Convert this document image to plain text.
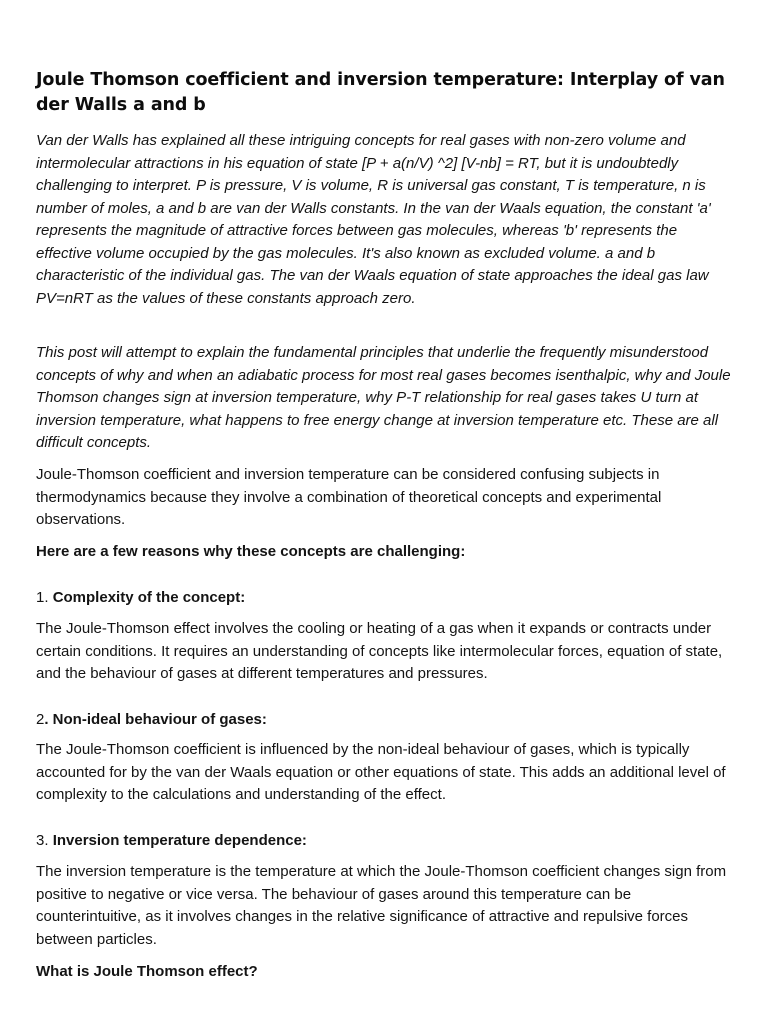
Joule Thomson coefficient and inversion temperature: Interplay of van der Walls a and b

Van der Walls has explained all these intriguing concepts for real gases with non-zero volume and intermolecular attractions in his equation of state [P + a(n/V) ^2] [V-nb] = RT, but it is undoubtedly challenging to interpret. P is pressure, V is volume, R is universal gas constant, T is temperature, n is number of moles, a and b are van der Walls constants. In the van der Waals equation, the constant 'a' represents the magnitude of attractive forces between gas molecules, whereas 'b' represents the effective volume occupied by the gas molecules. It's also known as excluded volume. a and b characteristic of the individual gas. The van der Waals equation of state approaches the ideal gas law PV=nRT as the values of these constants approach zero.

This post will attempt to explain the fundamental principles that underlie the frequently misunderstood concepts of why and when an adiabatic process for most real gases becomes isenthalpic, why and Joule Thomson changes sign at inversion temperature, why P-T relationship for real gases takes U turn at inversion temperature, what happens to free energy change at inversion temperature etc. These are all difficult concepts.

Joule-Thomson coefficient and inversion temperature can be considered confusing subjects in thermodynamics because they involve a combination of theoretical concepts and experimental observations.

Here are a few reasons why these concepts are challenging:

1. Complexity of the concept:

The Joule-Thomson effect involves the cooling or heating of a gas when it expands or contracts under certain conditions. It requires an understanding of concepts like intermolecular forces, equation of state, and the behaviour of gases at different temperatures and pressures.

2. Non-ideal behaviour of gases:

The Joule-Thomson coefficient is influenced by the non-ideal behaviour of gases, which is typically accounted for by the van der Waals equation or other equations of state. This adds an additional level of complexity to the calculations and understanding of the effect.

3. Inversion temperature dependence:

The inversion temperature is the temperature at which the Joule-Thomson coefficient changes sign from positive to negative or vice versa. The behaviour of gases around this temperature can be counterintuitive, as it involves changes in the relative significance of attractive and repulsive forces between particles.

What is Joule Thomson effect?
